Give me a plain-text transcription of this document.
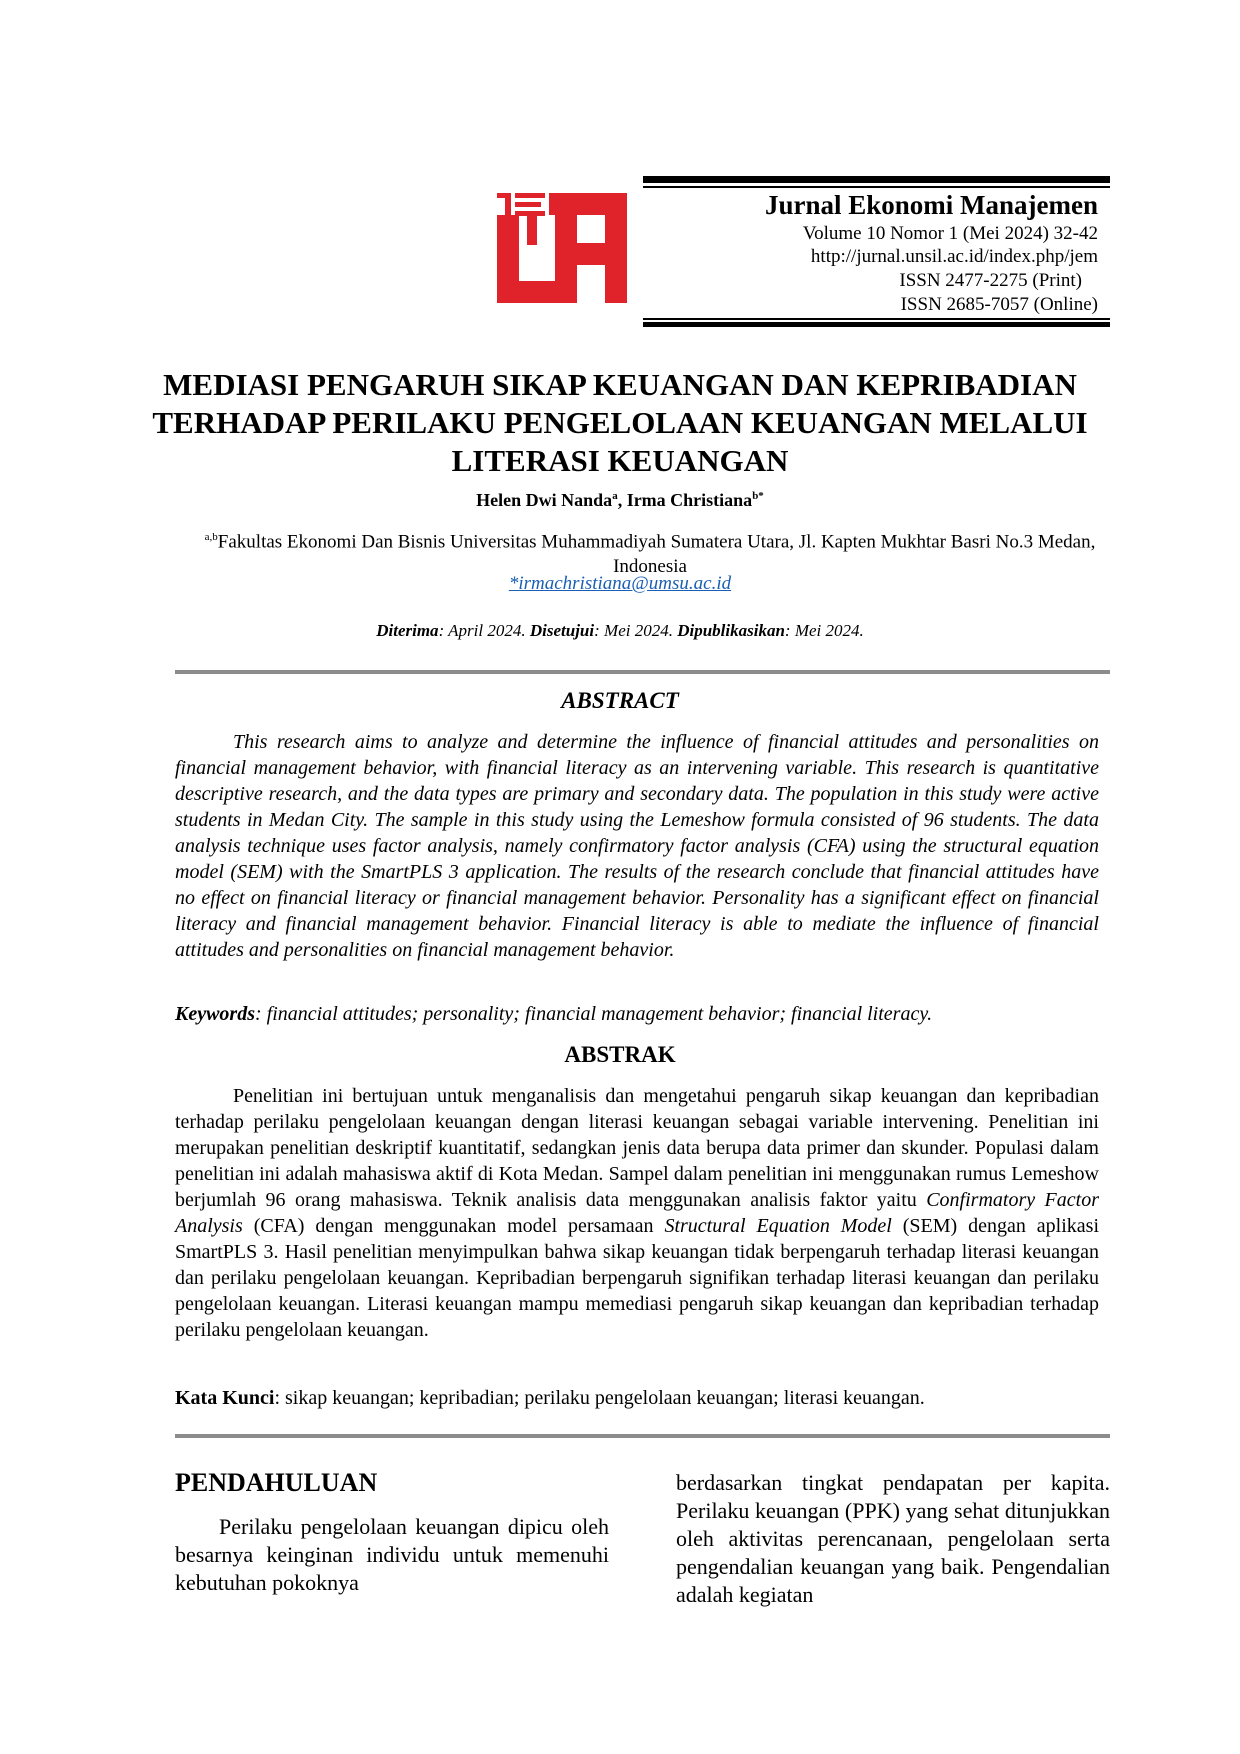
Jurnal Ekonomi Manajemen
Volume 10 Nomor 1 (Mei 2024) 32-42
http://jurnal.unsil.ac.id/index.php/jem
ISSN 2477-2275 (Print)
ISSN 2685-7057 (Online)
MEDIASI PENGARUH SIKAP KEUANGAN DAN KEPRIBADIAN TERHADAP PERILAKU PENGELOLAAN KEUANGAN MELALUI LITERASI KEUANGAN
Helen Dwi Nanda$^a$, Irma Christiana$^{b*}$
$^{a,b}$Fakultas Ekonomi Dan Bisnis Universitas Muhammadiyah Sumatera Utara, Jl. Kapten Mukhtar Basri No.3 Medan, Indonesia
*irmachristiana@umsu.ac.id
Diterima: April 2024. Disetujui: Mei 2024. Dipublikasikan: Mei 2024.
ABSTRACT

This research aims to analyze and determine the influence of financial attitudes and personalities on financial management behavior, with financial literacy as an intervening variable. This research is quantitative descriptive research, and the data types are primary and secondary data. The population in this study were active students in Medan City. The sample in this study using the Lemeshow formula consisted of 96 students. The data analysis technique uses factor analysis, namely confirmatory factor analysis (CFA) using the structural equation model (SEM) with the SmartPLS 3 application. The results of the research conclude that financial attitudes have no effect on financial literacy or financial management behavior. Personality has a significant effect on financial literacy and financial management behavior. Financial literacy is able to mediate the influence of financial attitudes and personalities on financial management behavior.

Keywords: financial attitudes; personality; financial management behavior; financial literacy.

ABSTRAK

Penelitian ini bertujuan untuk menganalisis dan mengetahui pengaruh sikap keuangan dan kepribadian terhadap perilaku pengelolaan keuangan dengan literasi keuangan sebagai variable intervening. Penelitian ini merupakan penelitian deskriptif kuantitatif, sedangkan jenis data berupa data primer dan skunder. Populasi dalam penelitian ini adalah mahasiswa aktif di Kota Medan. Sampel dalam penelitian ini menggunakan rumus Lemeshow berjumlah 96 orang mahasiswa. Teknik analisis data menggunakan analisis faktor yaitu Confirmatory Factor Analysis (CFA) dengan menggunakan model persamaan Structural Equation Model (SEM) dengan aplikasi SmartPLS 3. Hasil penelitian menyimpulkan bahwa sikap keuangan tidak berpengaruh terhadap literasi keuangan dan perilaku pengelolaan keuangan. Kepribadian berpengaruh signifikan terhadap literasi keuangan dan perilaku pengelolaan keuangan. Literasi keuangan mampu memediasi pengaruh sikap keuangan dan kepribadian terhadap perilaku pengelolaan keuangan.

Kata Kunci: sikap keuangan; kepribadian; perilaku pengelolaan keuangan; literasi keuangan.

PENDAHULUAN

Perilaku pengelolaan keuangan dipicu oleh besarnya keinginan individu untuk memenuhi kebutuhan pokoknya

berdasarkan tingkat pendapatan per kapita. Perilaku keuangan (PPK) yang sehat ditunjukkan oleh aktivitas perencanaan, pengelolaan serta pengendalian keuangan yang baik. Pengendalian adalah kegiatan
